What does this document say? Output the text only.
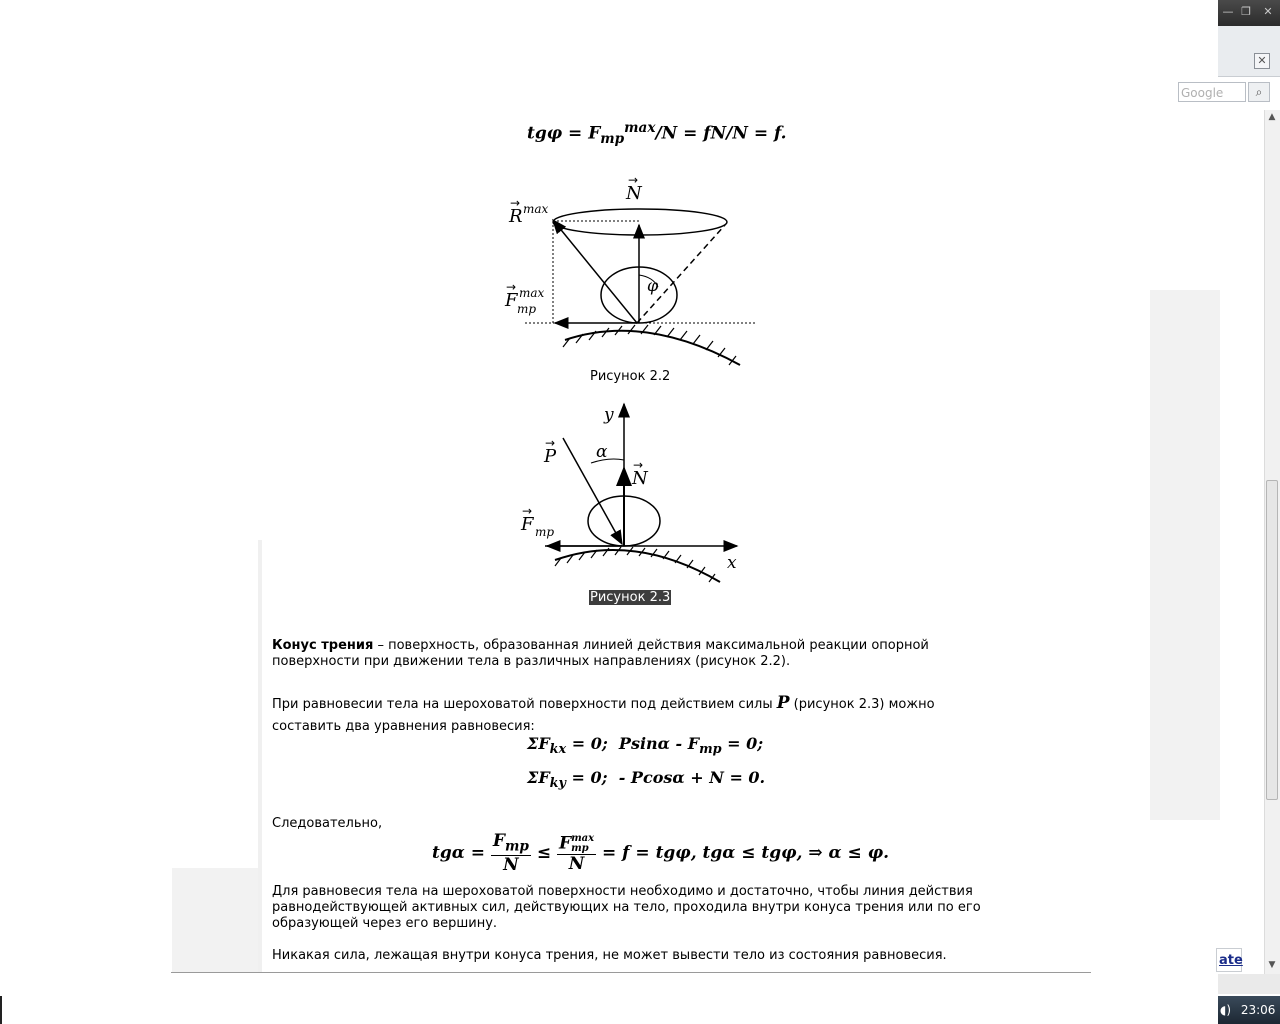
— ❐	✕
✕
Google	⌕
▲
▼
ate
◖) 23:06
$tg\varphi = F_{тр}^{max}/N = fN/N = f$.
N
→
R
→ max
F
→ max
тр
φ
Рисунок 2.2
y
x
P
→ α
N
→
F
→
тр
Рисунок 2.3
Конус трения – поверхность, образованная линией действия максимальной реакции опорной поверхности при движении тела в различных направлениях (рисунок 2.2).
При равновесии тела на шероховатой поверхности под действием силы P (рисунок 2.3) можно составить два уравнения равновесия:
$\Sigma F_{kx} = 0$; $Psin\alpha - F_{тр} = 0$;
$\Sigma F_{ky} = 0$; - Pcosα + N = 0.
Следовательно,
tgα =
$F_{тр}$
N

≤
F max
тр
N

= f = tgφ, tgα ≤ tgφ, ⇒ α ≤ φ.
Для равновесия тела на шероховатой поверхности необходимо и достаточно, чтобы линия действия равнодействующей активных сил, действующих на тело, проходила внутри конуса трения или по его образующей через его вершину.
Никакая сила, лежащая внутри конуса трения, не может вывести тело из состояния равновесия.
